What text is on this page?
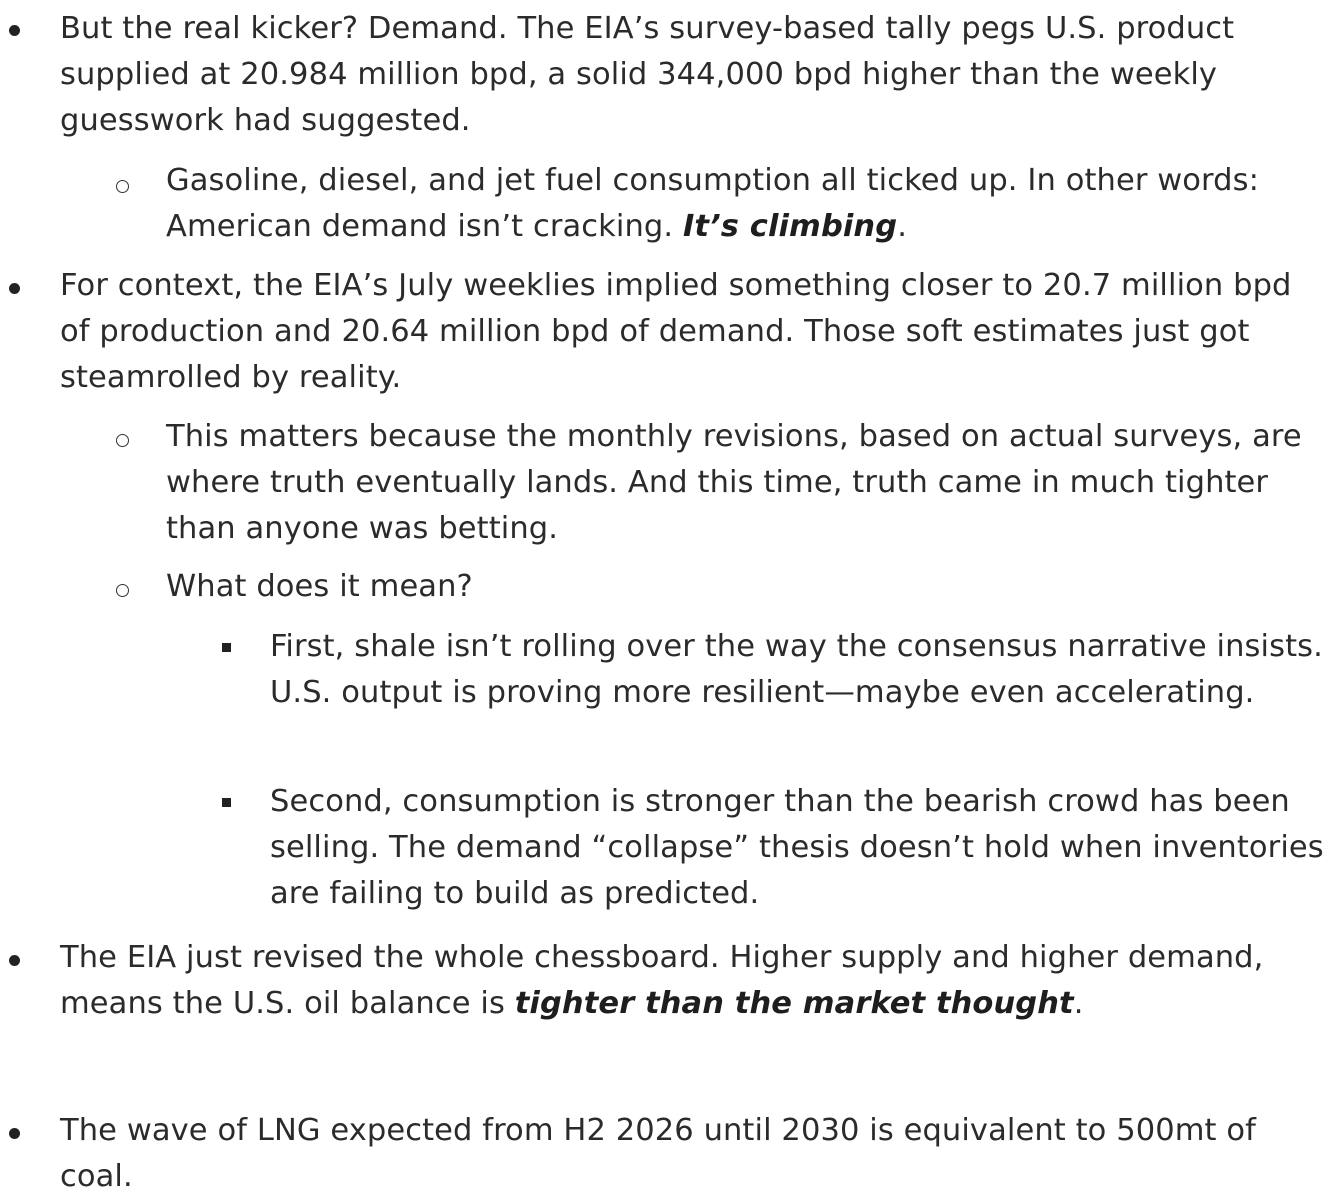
But the real kicker? Demand. The EIA’s survey-based tally pegs U.S. product supplied at 20.984 million bpd, a solid 344,000 bpd higher than the weekly guesswork had suggested.
Gasoline, diesel, and jet fuel consumption all ticked up. In other words: American demand isn’t cracking. It’s climbing.
For context, the EIA’s July weeklies implied something closer to 20.7 million bpd of production and 20.64 million bpd of demand. Those soft estimates just got steamrolled by reality.
This matters because the monthly revisions, based on actual surveys, are where truth eventually lands. And this time, truth came in much tighter than anyone was betting.
What does it mean?
First, shale isn’t rolling over the way the consensus narrative insists. U.S. output is proving more resilient—maybe even accelerating.
Second, consumption is stronger than the bearish crowd has been selling. The demand “collapse” thesis doesn’t hold when inventories are failing to build as predicted.
The EIA just revised the whole chessboard. Higher supply and higher demand, means the U.S. oil balance is tighter than the market thought.
The wave of LNG expected from H2 2026 until 2030 is equivalent to 500mt of coal.
